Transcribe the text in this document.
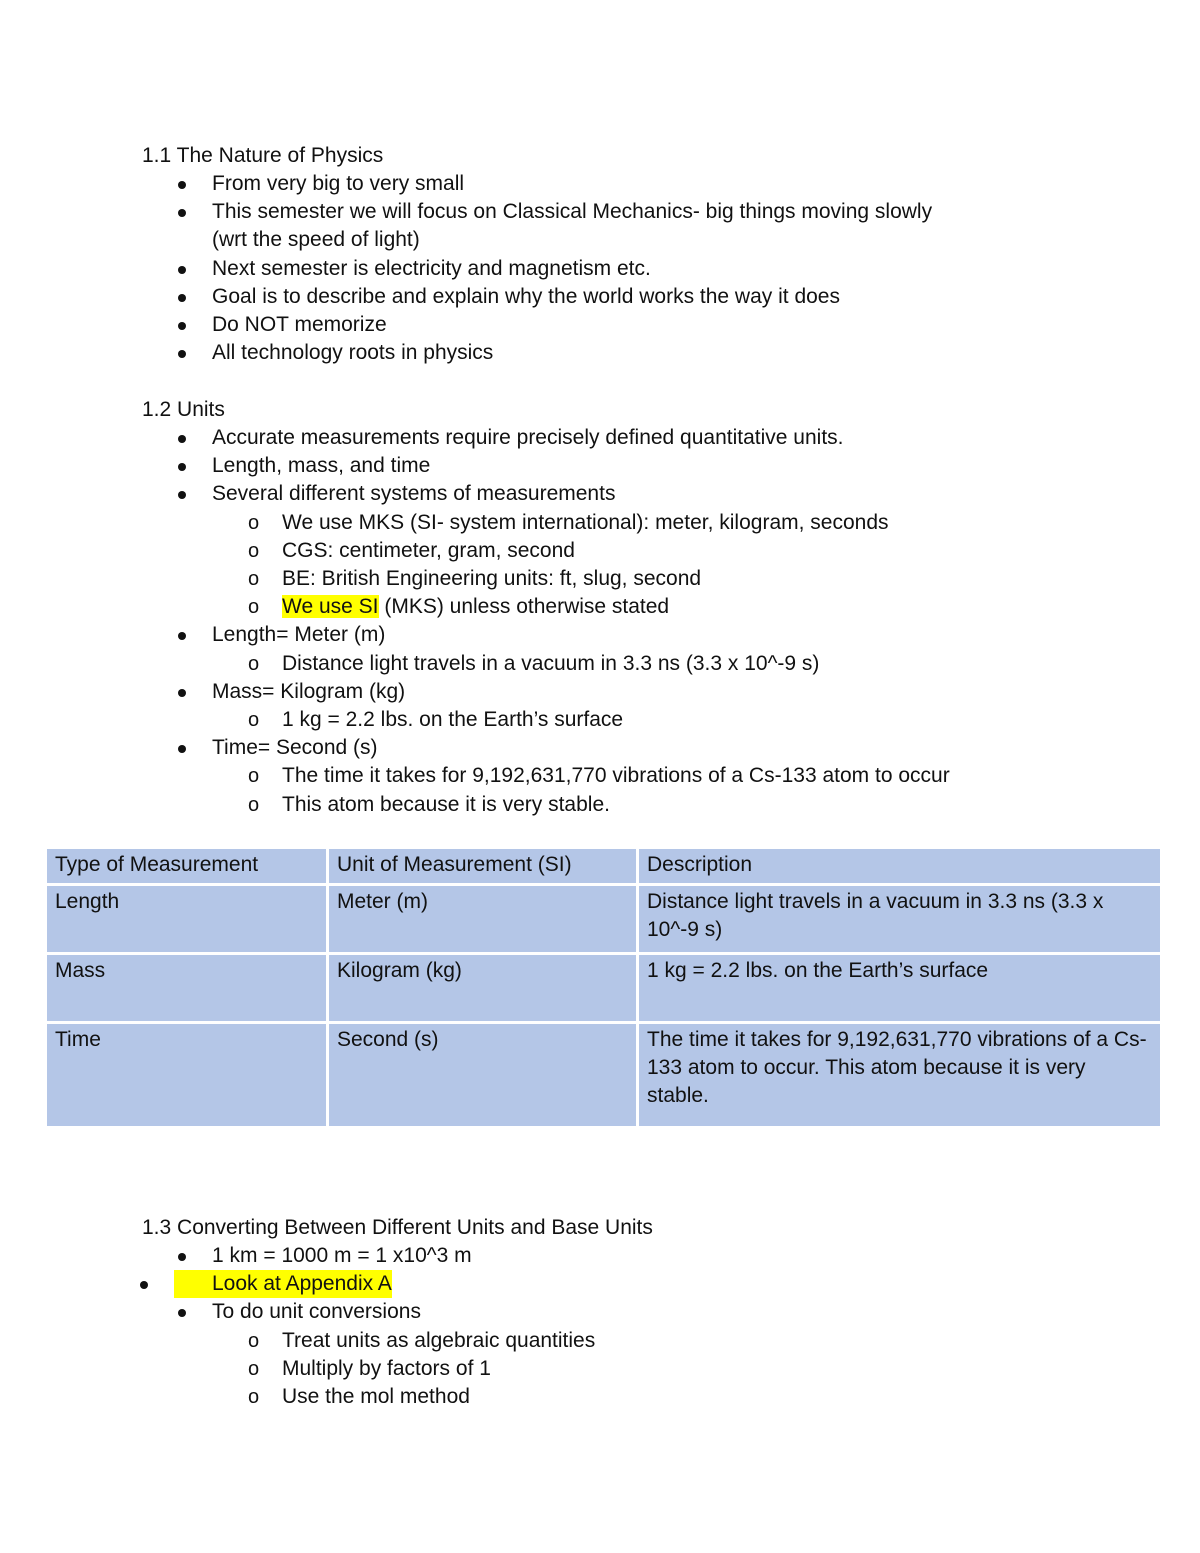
1.1 The Nature of Physics
From very big to very small
This semester we will focus on Classical Mechanics- big things moving slowly
(wrt the speed of light)
Next semester is electricity and magnetism etc.
Goal is to describe and explain why the world works the way it does
Do NOT memorize
All technology roots in physics
1.2 Units
Accurate measurements require precisely defined quantitative units.
Length, mass, and time
Several different systems of measurements
o We use MKS (SI- system international): meter, kilogram, seconds
o CGS: centimeter, gram, second
o BE: British Engineering units: ft, slug, second
o We use SI (MKS) unless otherwise stated
Length= Meter (m)
o Distance light travels in a vacuum in 3.3 ns (3.3 x 10^-9 s)
Mass= Kilogram (kg)
o 1 kg = 2.2 lbs. on the Earth’s surface
Time= Second (s)
o The time it takes for 9,192,631,770 vibrations of a Cs-133 atom to occur
o This atom because it is very stable.
Type of Measurement	Unit of Measurement (SI)	Description
Length	Meter (m)	Distance light travels in a vacuum in 3.3 ns (3.3 x 10^-9 s)
Mass	Kilogram (kg)	1 kg = 2.2 lbs. on the Earth’s surface
Time	Second (s)	The time it takes for 9,192,631,770 vibrations of a Cs-133 atom to occur. This atom because it is very stable.
1.3 Converting Between Different Units and Base Units
1 km = 1000 m = 1 x10^3 m
Look at Appendix A
To do unit conversions
o Treat units as algebraic quantities
o Multiply by factors of 1
o Use the mol method
